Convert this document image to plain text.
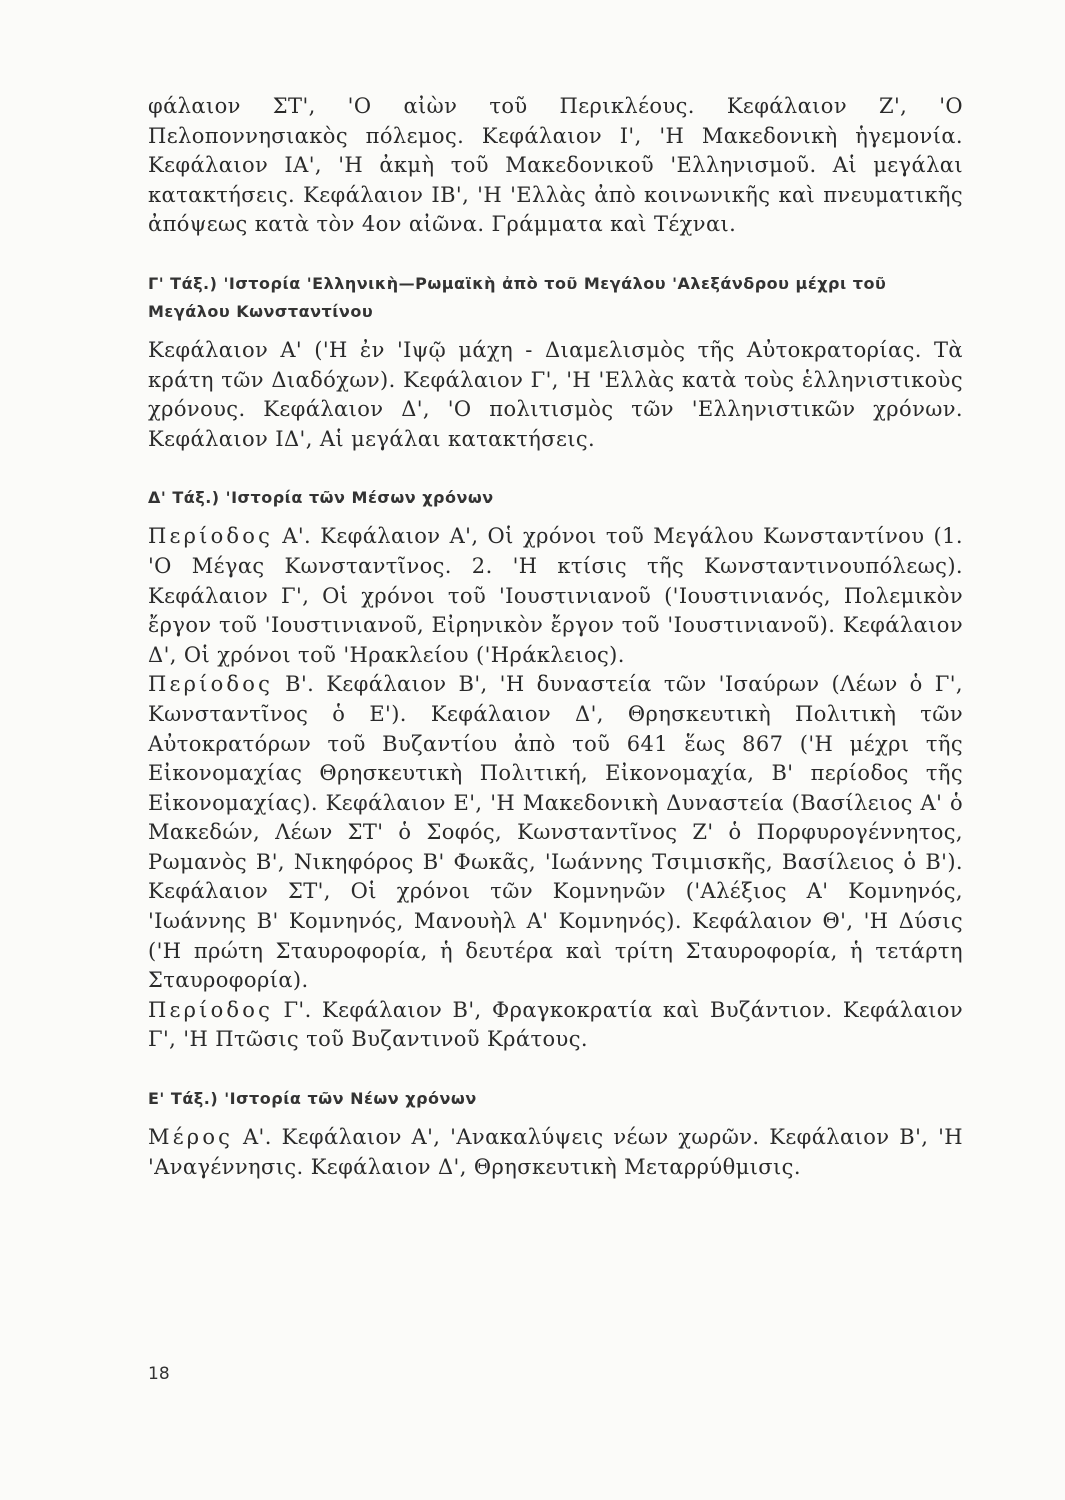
φάλαιον ΣΤ', 'Ο αἰὼν τοῦ Περικλέους. Κεφάλαιον Ζ', 'Ο Πελοποννησιακὸς πόλεμος. Κεφάλαιον Ι', 'Η Μακεδονικὴ ἡγεμονία. Κεφάλαιον ΙΑ', 'Η ἀκμὴ τοῦ Μακεδονικοῦ 'Ελληνισμοῦ. Αἱ μεγάλαι κατακτήσεις. Κεφάλαιον ΙΒ', 'Η 'Ελλὰς ἀπὸ κοινωνικῆς καὶ πνευματικῆς ἀπόψεως κατὰ τὸν 4ον αἰῶνα. Γράμματα καὶ Τέχναι.

Γ' Τάξ.) 'Ιστορία 'Ελληνικὴ—Ρωμαϊκὴ ἀπὸ τοῦ Μεγάλου 'Αλεξάνδρου μέχρι τοῦ Μεγάλου Κωνσταντίνου

Κεφάλαιον Α' ('Η ἐν 'Ιψῷ μάχη - Διαμελισμὸς τῆς Αὐτοκρατορίας. Τὰ κράτη τῶν Διαδόχων). Κεφάλαιον Γ', 'Η 'Ελλὰς κατὰ τοὺς ἑλληνιστικοὺς χρόνους. Κεφάλαιον Δ', 'Ο πολιτισμὸς τῶν 'Ελληνιστικῶν χρόνων. Κεφάλαιον ΙΔ', Αἱ μεγάλαι κατακτήσεις.

Δ' Τάξ.) 'Ιστορία τῶν Μέσων χρόνων

Περίοδος Α'. Κεφάλαιον Α', Οἱ χρόνοι τοῦ Μεγάλου Κωνσταντίνου (1. 'Ο Μέγας Κωνσταντῖνος. 2. 'Η κτίσις τῆς Κωνσταντινουπόλεως). Κεφάλαιον Γ', Οἱ χρόνοι τοῦ 'Ιουστινιανοῦ ('Ιουστινιανός, Πολεμικὸν ἔργον τοῦ 'Ιουστινιανοῦ, Εἰρηνικὸν ἔργον τοῦ 'Ιουστινιανοῦ). Κεφάλαιον Δ', Οἱ χρόνοι τοῦ 'Ηρακλείου ('Ηράκλειος).

Περίοδος Β'. Κεφάλαιον Β', 'Η δυναστεία τῶν 'Ισαύρων (Λέων ὁ Γ', Κωνσταντῖνος ὁ Ε'). Κεφάλαιον Δ', Θρησκευτικὴ Πολιτικὴ τῶν Αὐτοκρατόρων τοῦ Βυζαντίου ἀπὸ τοῦ 641 ἕως 867 ('Η μέχρι τῆς Εἰκονομαχίας Θρησκευτικὴ Πολιτική, Εἰκονομαχία, Β' περίοδος τῆς Εἰκονομαχίας). Κεφάλαιον Ε', 'Η Μακεδονικὴ Δυναστεία (Βασίλειος Α' ὁ Μακεδών, Λέων ΣΤ' ὁ Σοφός, Κωνσταντῖνος Ζ' ὁ Πορφυρογέννητος, Ρωμανὸς Β', Νικηφόρος Β' Φωκᾶς, 'Ιωάννης Τσιμισκῆς, Βασίλειος ὁ Β'). Κεφάλαιον ΣΤ', Οἱ χρόνοι τῶν Κομνηνῶν ('Αλέξιος Α' Κομνηνός, 'Ιωάννης Β' Κομνηνός, Μανουὴλ Α' Κομνηνός). Κεφάλαιον Θ', 'Η Δύσις ('Η πρώτη Σταυροφορία, ἡ δευτέρα καὶ τρίτη Σταυροφορία, ἡ τετάρτη Σταυροφορία).

Περίοδος Γ'. Κεφάλαιον Β', Φραγκοκρατία καὶ Βυζάντιον. Κεφάλαιον Γ', 'Η Πτῶσις τοῦ Βυζαντινοῦ Κράτους.

Ε' Τάξ.) 'Ιστορία τῶν Νέων χρόνων

Μέρος Α'. Κεφάλαιον Α', 'Ανακαλύψεις νέων χωρῶν. Κεφάλαιον Β', 'Η 'Αναγέννησις. Κεφάλαιον Δ', Θρησκευτικὴ Μεταρρύθμισις.

18
